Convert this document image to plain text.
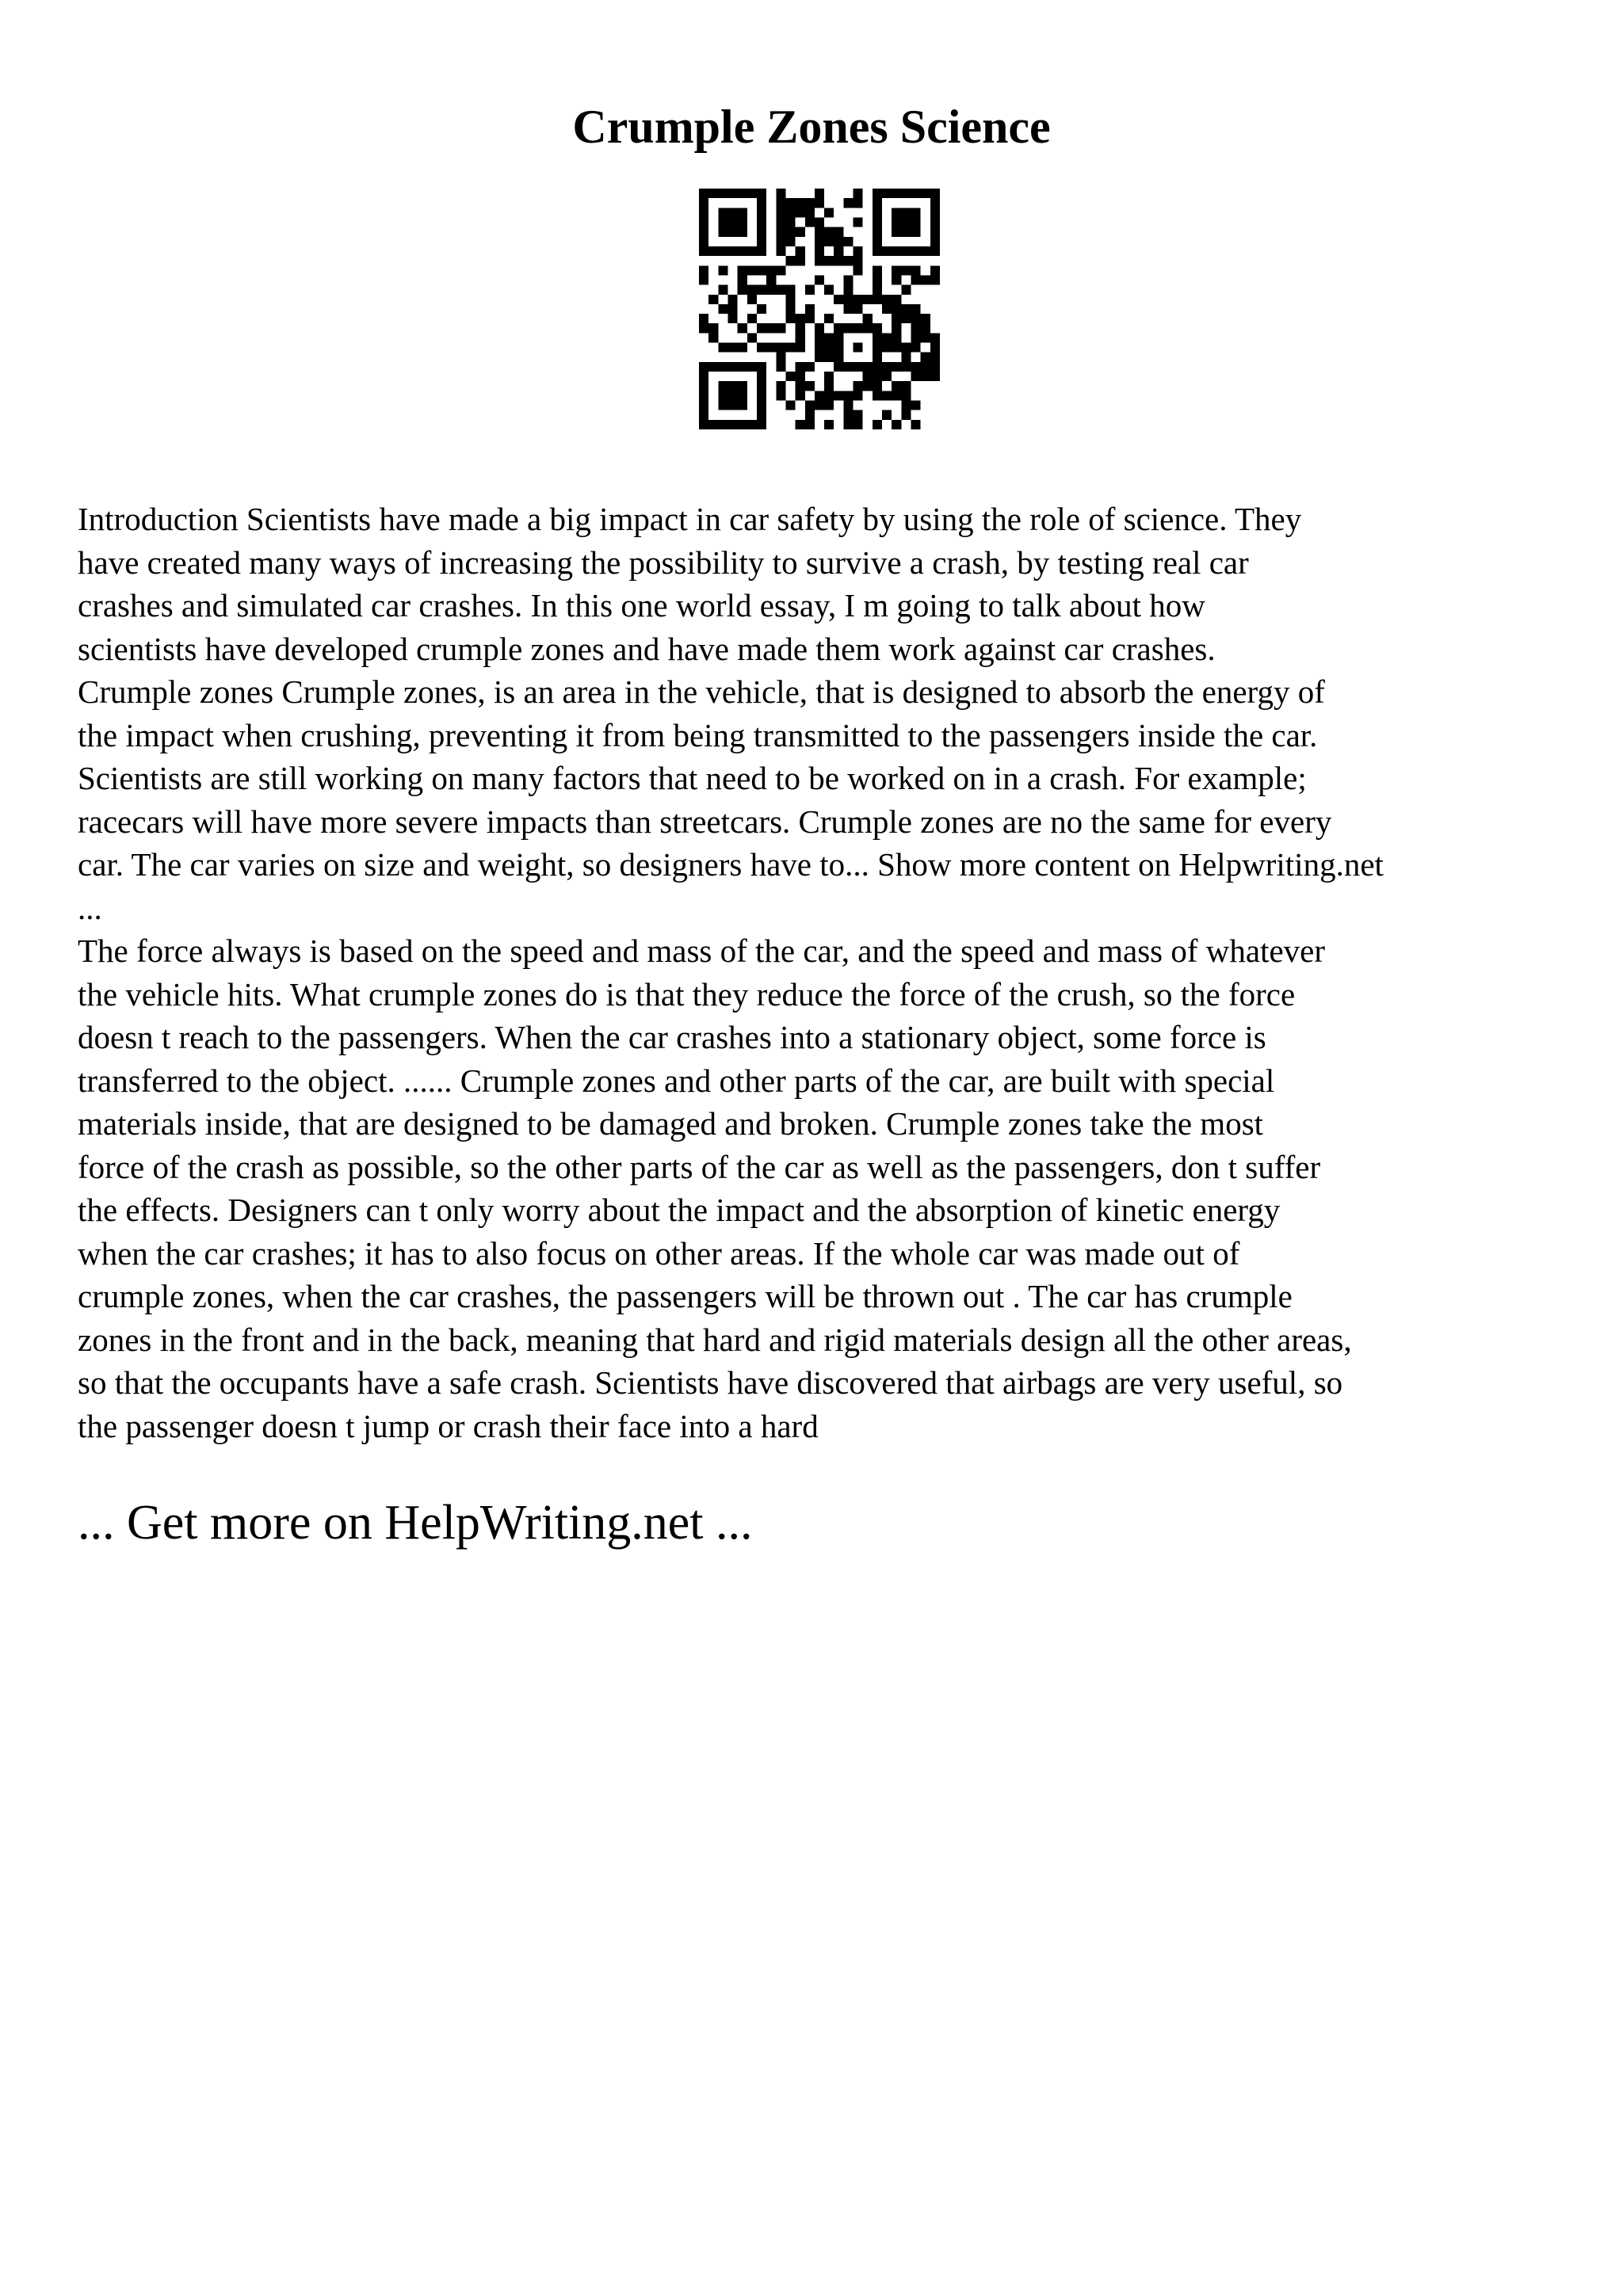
Crumple Zones Science

Introduction Scientists have made a big impact in car safety by using the role of science. They

have created many ways of increasing the possibility to survive a crash, by testing real car

crashes and simulated car crashes. In this one world essay, I m going to talk about how

scientists have developed crumple zones and have made them work against car crashes.

Crumple zones Crumple zones, is an area in the vehicle, that is designed to absorb the energy of

the impact when crushing, preventing it from being transmitted to the passengers inside the car.

Scientists are still working on many factors that need to be worked on in a crash. For example;

racecars will have more severe impacts than streetcars. Crumple zones are no the same for every

car. The car varies on size and weight, so designers have to... Show more content on Helpwriting.net

...

The force always is based on the speed and mass of the car, and the speed and mass of whatever

the vehicle hits. What crumple zones do is that they reduce the force of the crush, so the force

doesn t reach to the passengers. When the car crashes into a stationary object, some force is

transferred to the object. ...... Crumple zones and other parts of the car, are built with special

materials inside, that are designed to be damaged and broken. Crumple zones take the most

force of the crash as possible, so the other parts of the car as well as the passengers, don t suffer

the effects. Designers can t only worry about the impact and the absorption of kinetic energy

when the car crashes; it has to also focus on other areas. If the whole car was made out of

crumple zones, when the car crashes, the passengers will be thrown out . The car has crumple

zones in the front and in the back, meaning that hard and rigid materials design all the other areas,

so that the occupants have a safe crash. Scientists have discovered that airbags are very useful, so

the passenger doesn t jump or crash their face into a hard

... Get more on HelpWriting.net ...
